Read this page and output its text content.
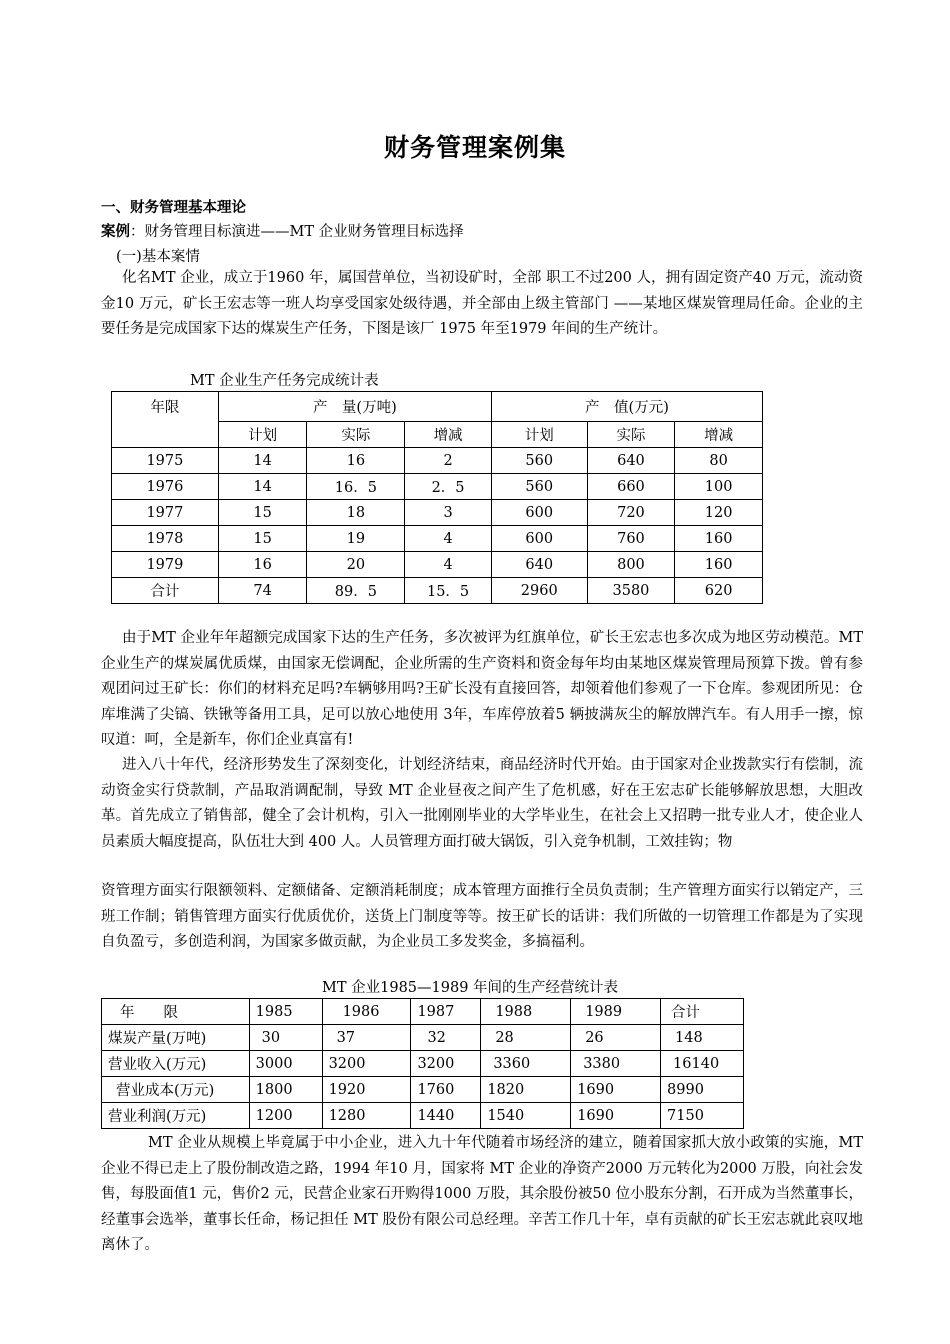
财务管理案例集
一、财务管理基本理论
案例：财务管理目标演进——MT 企业财务管理目标选择
(一)基本案情

化名MT 企业，成立于1960 年，属国营单位，当初设矿时，全部 职工不过200 人，拥有固定资产40 万元，流动资金10 万元，矿长王宏志等一班人均享受国家处级待遇，并全部由上级主管部门 ——某地区煤炭管理局任命。企业的主要任务是完成国家下达的煤炭生产任务，下图是该厂 1975 年至1979 年间的生产统计。

MT 企业生产任务完成统计表
年限	产　量(万吨)			产　值(万元)		
	计划	实际	增减	计划	实际	增减
1975	14	16	2	560	640	80
1976	14	16．5	2．5	560	660	100
1977	15	18	3	600	720	120
1978	15	19	4	600	760	160
1979	16	20	4	640	800	160
合计	74	89．5	15．5	2960	3580	620

由于MT 企业年年超额完成国家下达的生产任务，多次被评为红旗单位，矿长王宏志也多次成为地区劳动模范。MT 企业生产的煤炭属优质煤，由国家无偿调配，企业所需的生产资料和资金每年均由某地区煤炭管理局预算下拨。曾有参观团问过王矿长：你们的材料充足吗?车辆够用吗?王矿长没有直接回答，却领着他们参观了一下仓库。参观团所见：仓库堆满了尖镐、铁锹等备用工具，足可以放心地使用 3年，车库停放着5 辆披满灰尘的解放牌汽车。有人用手一擦，惊叹道：呵，全是新车，你们企业真富有!

进入八十年代，经济形势发生了深刻变化，计划经济结束，商品经济时代开始。由于国家对企业拨款实行有偿制，流动资金实行贷款制，产品取消调配制，导致 MT 企业昼夜之间产生了危机感，好在王宏志矿长能够解放思想，大胆改革。首先成立了销售部，健全了会计机构，引入一批刚刚毕业的大学毕业生，在社会上又招聘一批专业人才，使企业人员素质大幅度提高，队伍壮大到 400 人。人员管理方面打破大锅饭，引入竞争机制，工效挂钩；物

资管理方面实行限额领料、定额储备、定额消耗制度；成本管理方面推行全员负责制；生产管理方面实行以销定产，三班工作制；销售管理方面实行优质优价，送货上门制度等等。按王矿长的话讲：我们所做的一切管理工作都是为了实现自负盈亏，多创造利润，为国家多做贡献，为企业员工多发奖金，多搞福利。

MT 企业1985—1989 年间的生产经营统计表
年　　限	1985	1986	1987	1988	1989	合计
煤炭产量(万吨)	30	37	32	28	26	148
营业收入(万元)	3000	3200	3200	3360	3380	16140
营业成本(万元)	1800	1920	1760	1820	1690	8990
营业利润(万元)	1200	1280	1440	1540	1690	7150

MT 企业从规模上毕竟属于中小企业，进入九十年代随着市场经济的建立，随着国家抓大放小政策的实施，MT 企业不得已走上了股份制改造之路，1994 年10 月，国家将 MT 企业的净资产2000 万元转化为2000 万股，向社会发售，每股面值1 元，售价2 元，民营企业家石开购得1000 万股，其余股份被50 位小股东分割，石开成为当然董事长，经董事会选举，董事长任命，杨记担任 MT 股份有限公司总经理。辛苦工作几十年，卓有贡献的矿长王宏志就此哀叹地离休了。
